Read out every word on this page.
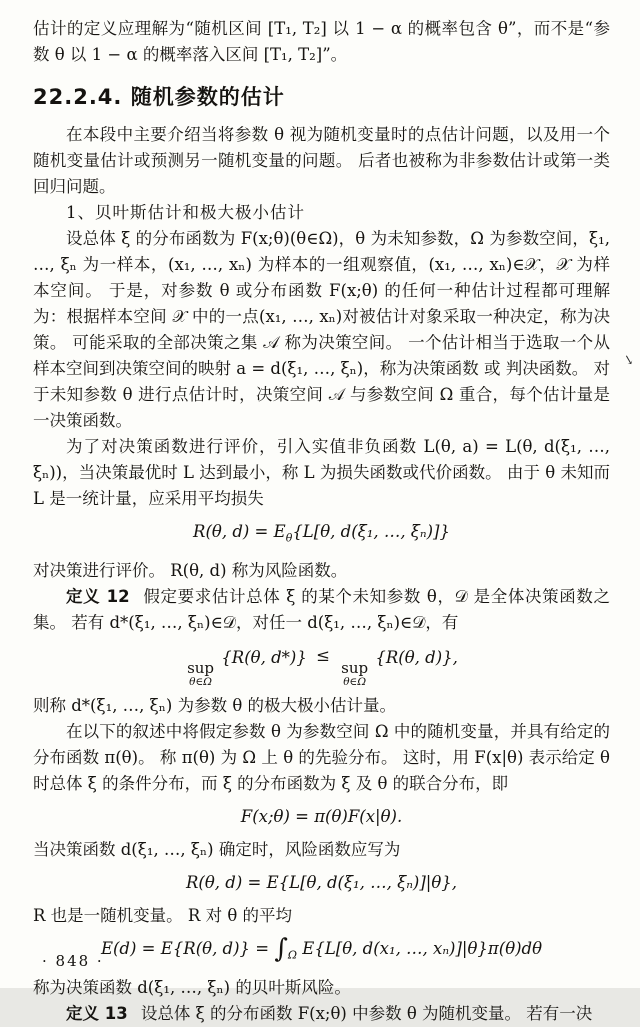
估计的定义应理解为“随机区间 [T₁, T₂] 以 1 − α 的概率包含 θ”，而不是“参数 θ 以 1 − α 的概率落入区间 [T₁, T₂]”。

22.2.4. 随机参数的估计

在本段中主要介绍当将参数 θ 视为随机变量时的点估计问题，以及用一个随机变量估计或预测另一随机变量的问题。 后者也被称为非参数估计或第一类回归问题。

1、贝叶斯估计和极大极小估计

设总体 ξ 的分布函数为 F(x;θ)(θ∈Ω)，θ 为未知参数，Ω 为参数空间，ξ₁, …, ξₙ 为一样本，(x₁, …, xₙ) 为样本的一组观察值，(x₁, …, xₙ)∈𝒳，𝒳 为样本空间。 于是，对参数 θ 或分布函数 F(x;θ) 的任何一种估计过程都可理解为：根据样本空间 𝒳 中的一点(x₁, …, xₙ)对被估计对象采取一种决定，称为决策。 可能采取的全部决策之集 𝒜 称为决策空间。 一个估计相当于选取一个从样本空间到决策空间的映射 a = d(ξ₁, …, ξₙ)，称为决策函数 或 判决函数。 对于未知参数 θ 进行点估计时，决策空间 𝒜 与参数空间 Ω 重合，每个估计量是一决策函数。

为了对决策函数进行评价，引入实值非负函数 L(θ, a) = L(θ, d(ξ₁, …, ξₙ))，当决策最优时 L 达到最小，称 L 为损失函数或代价函数。 由于 θ 未知而 L 是一统计量，应采用平均损失

R(θ, $d) = E_\theta\{L[\theta$, d(ξ₁, …, ξₙ)]}

对决策进行评价。 R(θ, d) 称为风险函数。

定义 12 假定要求估计总体 ξ 的某个未知参数 θ，𝒟 是全体决策函数之集。 若有 d*(ξ₁, …, ξₙ)∈𝒟，对任一 d(ξ₁, …, ξₙ)∈𝒟，有

sup
θ∈Ω
{R(θ, d*)} ≤
sup
θ∈Ω
{R(θ, d)},

则称 d*(ξ₁, …, ξₙ) 为参数 θ 的极大极小估计量。

在以下的叙述中将假定参数 θ 为参数空间 Ω 中的随机变量，并具有给定的分布函数 π(θ)。 称 π(θ) 为 Ω 上 θ 的先验分布。 这时，用 F(x|θ) 表示给定 θ 时总体 ξ 的条件分布，而 ξ 的分布函数为 ξ 及 θ 的联合分布，即

F(x;θ) = π(θ)F(x|θ).

当决策函数 d(ξ₁, …, ξₙ) 确定时，风险函数应写为

R(θ, d) = E{L[θ, d(ξ₁, …, ξₙ)]|θ},

R 也是一随机变量。 R 对 θ 的平均

E(d) = E{R(θ, $d)\} = \int_\Omega$ E{L[θ, d(x₁, …, xₙ)]|θ}π(θ)dθ

称为决策函数 d(ξ₁, …, ξₙ) 的贝叶斯风险。

定义 13 设总体 ξ 的分布函数 F(x;θ) 中参数 θ 为随机变量。 若有一决

↘
· 848 ·
